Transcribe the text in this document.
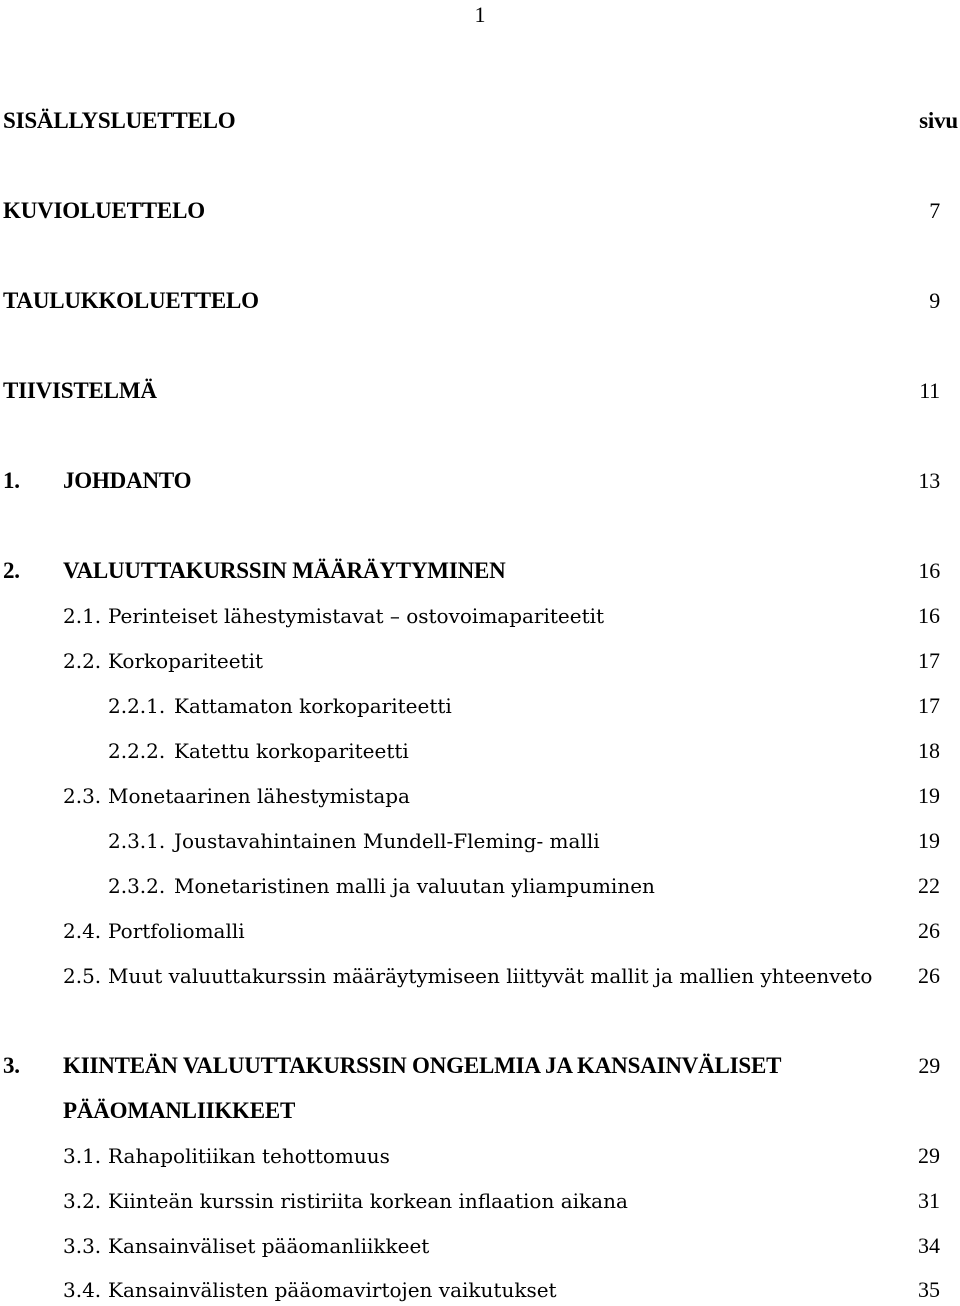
1
SISÄLLYSLUETTELO	sivu
KUVIOLUETTELO	7
TAULUKKOLUETTELO	9
TIIVISTELMÄ	11
1. JOHDANTO	13
2. VALUUTTAKURSSIN MÄÄRÄYTYMINEN	16
2.1. Perinteiset lähestymistavat – ostovoimapariteetit	16
2.2. Korkopariteetit	17
2.2.1. Kattamaton korkopariteetti	17
2.2.2. Katettu korkopariteetti	18
2.3. Monetaarinen lähestymistapa	19
2.3.1. Joustavahintainen Mundell-Fleming- malli	19
2.3.2. Monetaristinen malli ja valuutan yliampuminen	22
2.4. Portfoliomalli	26
2.5. Muut valuuttakurssin määräytymiseen liittyvät mallit ja mallien yhteenveto 26
3. KIINTEÄN VALUUTTAKURSSIN ONGELMIA JA KANSAINVÄLISET	29
PÄÄOMANLIIKKEET
3.1. Rahapolitiikan tehottomuus	29
3.2. Kiinteän kurssin ristiriita korkean inflaation aikana	31
3.3. Kansainväliset pääomanliikkeet	34
3.4. Kansainvälisten pääomavirtojen vaikutukset	35
